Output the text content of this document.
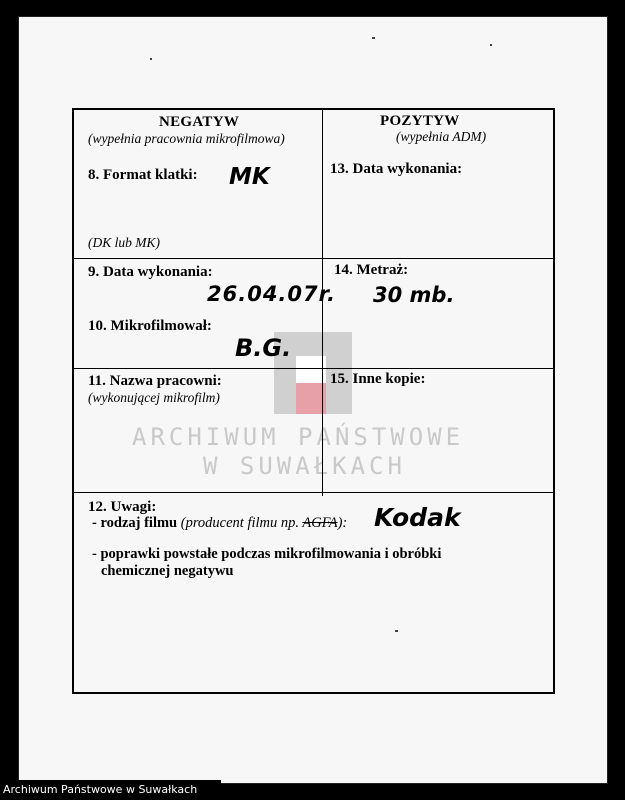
ARCHIWUM PAŃSTWOWE
W SUWAŁKACH
NEGATYW
(wypełnia pracownia mikrofilmowa)
POZYTYW
(wypełnia ADM)
8. Format klatki: MK
(DK lub MK)
13. Data wykonania:
9. Data wykonania:
26.04.07r.
14. Metraż:
30 mb.
10. Mikrofilmował:
B.G.
11. Nazwa pracowni:
(wykonującej mikrofilm)
15. Inne kopie:
12. Uwagi:
- rodzaj filmu (producent filmu np. AGFA): Kodak
- poprawki powstałe podczas mikrofilmowania i obróbki
chemicznej negatywu
Archiwum Państwowe w Suwałkach
